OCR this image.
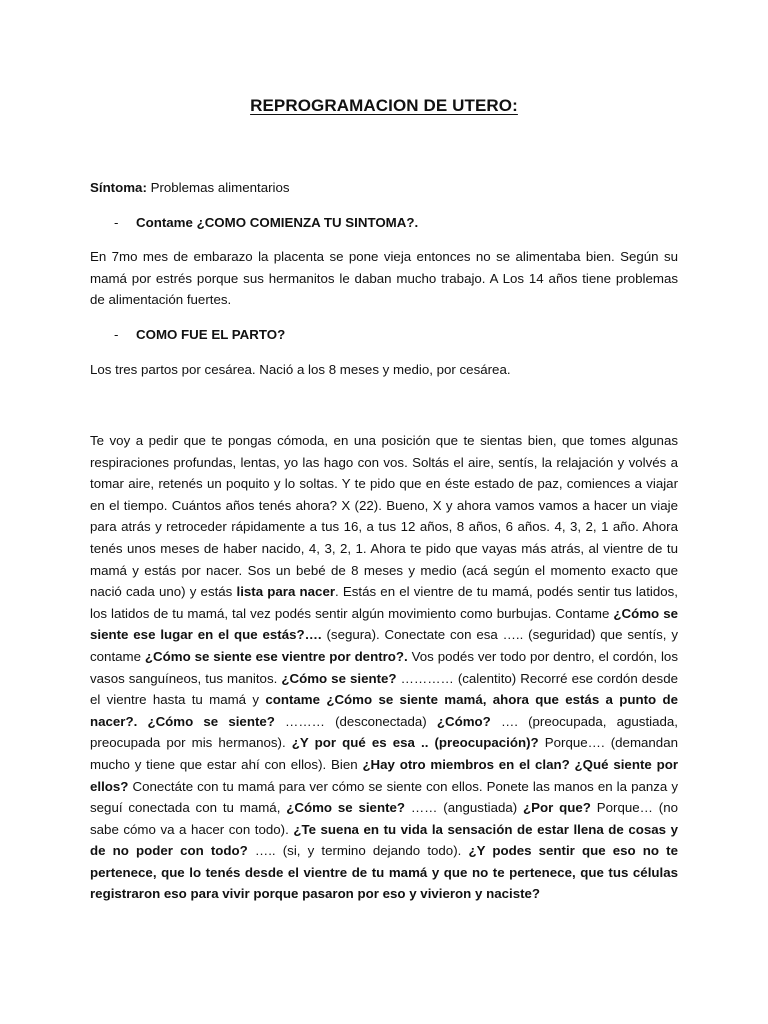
REPROGRAMACION DE UTERO:
Síntoma: Problemas alimentarios
- Contame ¿COMO COMIENZA TU SINTOMA?.
En 7mo mes de embarazo la placenta se pone vieja entonces no se alimentaba bien. Según su mamá por estrés porque sus hermanitos le daban mucho trabajo. A Los 14 años tiene problemas de alimentación fuertes.
- COMO FUE EL PARTO?
Los tres partos por cesárea. Nació a los 8 meses y medio, por cesárea.
Te voy a pedir que te pongas cómoda, en una posición que te sientas bien, que tomes algunas respiraciones profundas, lentas, yo las hago con vos. Soltás el aire, sentís, la relajación y volvés a tomar aire, retenés un poquito y lo soltas. Y te pido que en éste estado de paz, comiences a viajar en el tiempo. Cuántos años tenés ahora? X (22). Bueno, X y ahora vamos vamos a hacer un viaje para atrás y retroceder rápidamente a tus 16, a tus 12 años, 8 años, 6 años. 4, 3, 2, 1 año. Ahora tenés unos meses de haber nacido, 4, 3, 2, 1. Ahora te pido que vayas más atrás, al vientre de tu mamá y estás por nacer. Sos un bebé de 8 meses y medio (acá según el momento exacto que nació cada uno) y estás lista para nacer. Estás en el vientre de tu mamá, podés sentir tus latidos, los latidos de tu mamá, tal vez podés sentir algún movimiento como burbujas. Contame ¿Cómo se siente ese lugar en el que estás?…. (segura). Conectate con esa ….. (seguridad) que sentís, y contame ¿Cómo se siente ese vientre por dentro?. Vos podés ver todo por dentro, el cordón, los vasos sanguíneos, tus manitos. ¿Cómo se siente? ………… (calentito) Recorré ese cordón desde el vientre hasta tu mamá y contame ¿Cómo se siente mamá, ahora que estás a punto de nacer?. ¿Cómo se siente? ……… (desconectada) ¿Cómo? …. (preocupada, agustiada, preocupada por mis hermanos). ¿Y por qué es esa .. (preocupación)? Porque…. (demandan mucho y tiene que estar ahí con ellos). Bien ¿Hay otro miembros en el clan? ¿Qué siente por ellos? Conectáte con tu mamá para ver cómo se siente con ellos. Ponete las manos en la panza y seguí conectada con tu mamá, ¿Cómo se siente? …… (angustiada) ¿Por que? Porque… (no sabe cómo va a hacer con todo). ¿Te suena en tu vida la sensación de estar llena de cosas y de no poder con todo? ….. (si, y termino dejando todo). ¿Y podes sentir que eso no te pertenece, que lo tenés desde el vientre de tu mamá y que no te pertenece, que tus células registraron eso para vivir porque pasaron por eso y vivieron y naciste?
